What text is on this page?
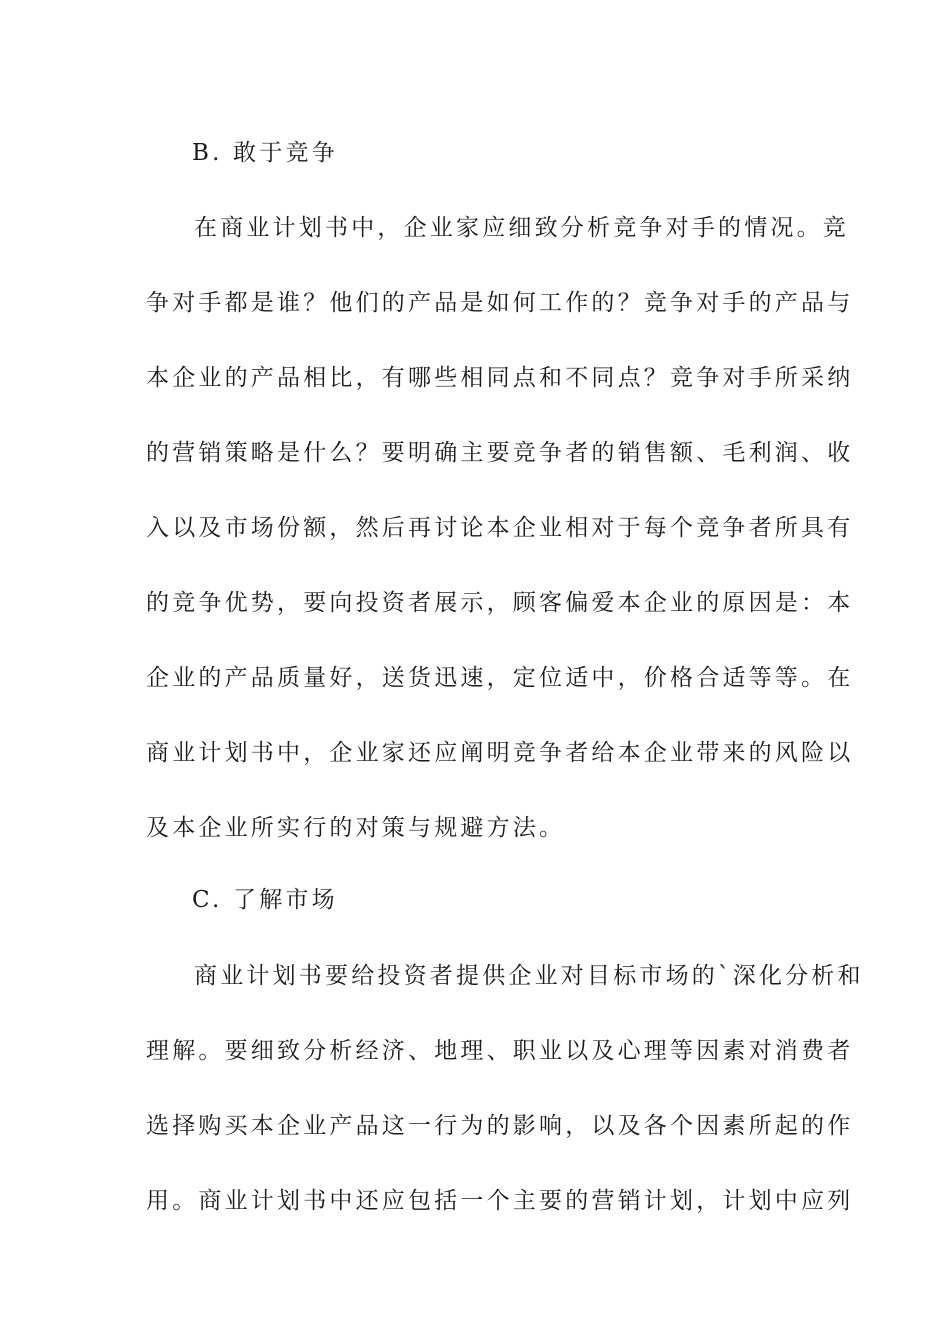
B. 敢于竞争
在商业计划书中，企业家应细致分析竞争对手的情况。竞
争对手都是谁？他们的产品是如何工作的？竞争对手的产品与
本企业的产品相比，有哪些相同点和不同点？竞争对手所采纳
的营销策略是什么？要明确主要竞争者的销售额、毛利润、收
入以及市场份额，然后再讨论本企业相对于每个竞争者所具有
的竞争优势，要向投资者展示，顾客偏爱本企业的原因是：本
企业的产品质量好，送货迅速，定位适中，价格合适等等。在
商业计划书中，企业家还应阐明竞争者给本企业带来的风险以
及本企业所实行的对策与规避方法。
C. 了解市场
商业计划书要给投资者提供企业对目标市场的`深化分析和
理解。要细致分析经济、地理、职业以及心理等因素对消费者
选择购买本企业产品这一行为的影响，以及各个因素所起的作
用。商业计划书中还应包括一个主要的营销计划，计划中应列
